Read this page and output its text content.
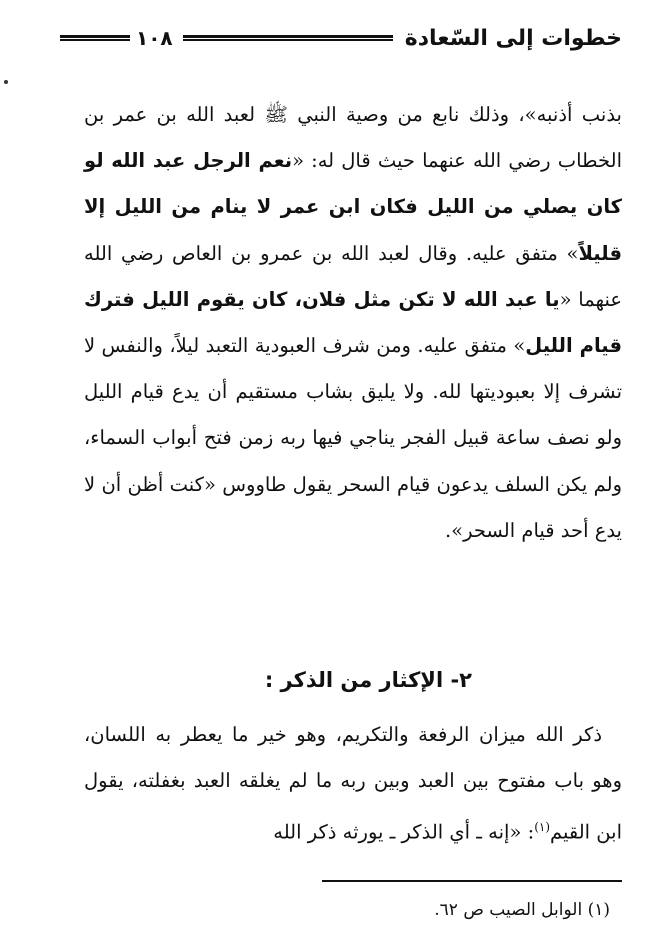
خطوات إلى السّعادة
١٠٨
بذنب أذنبه»، وذلك نابع من وصية النبي ﷺ لعبد الله بن عمر بن الخطاب رضي الله عنهما حيث قال له: «نعم الرجل عبد الله لو كان يصلي من الليل فكان ابن عمر لا ينام من الليل إلا قليلاً» متفق عليه. وقال لعبد الله بن عمرو بن العاص رضي الله عنهما «يا عبد الله لا تكن مثل فلان، كان يقوم الليل فترك قيام الليل» متفق عليه. ومن شرف العبودية التعبد ليلاً، والنفس لا تشرف إلا بعبوديتها لله. ولا يليق بشاب مستقيم أن يدع قيام الليل ولو نصف ساعة قبيل الفجر يناجي فيها ربه زمن فتح أبواب السماء، ولم يكن السلف يدعون قيام السحر يقول طاووس «كنت أظن أن لا يدع أحد قيام السحر».
٢- الإكثار من الذكر :
ذكر الله ميزان الرفعة والتكريم، وهو خير ما يعطر به اللسان، وهو باب مفتوح بين العبد وبين ربه ما لم يغلقه العبد بغفلته، يقول ابن القيم$^{(١)}$: «إنه ـ أي الذكر ـ يورثه ذكر الله
(١) الوابل الصيب ص ٦٢.
